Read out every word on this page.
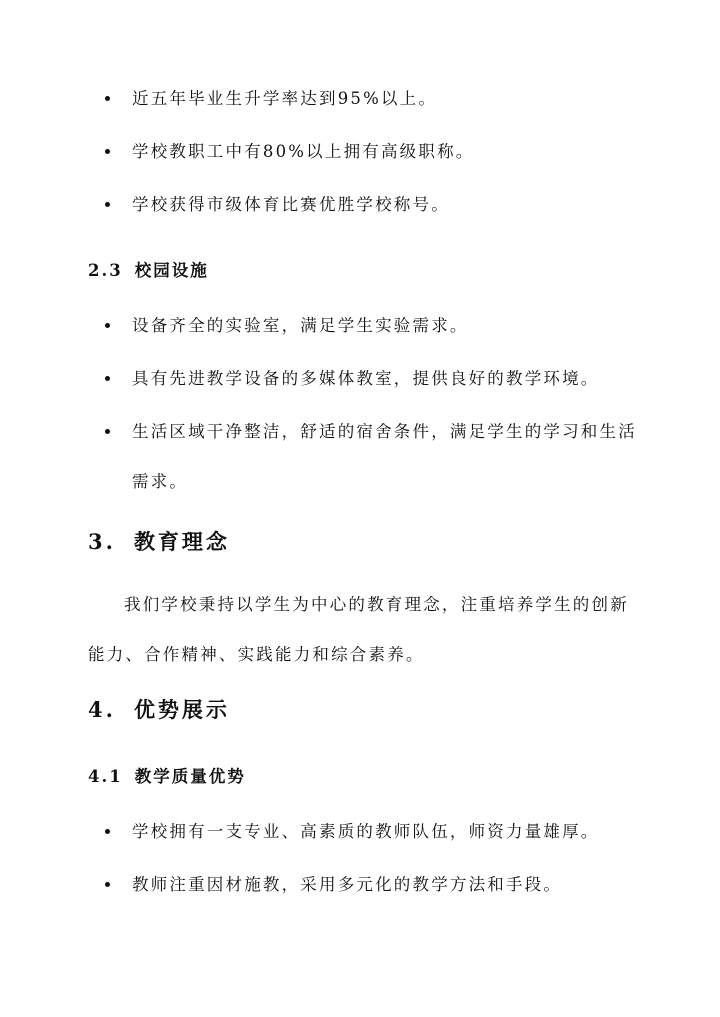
近五年毕业生升学率达到95%以上。
学校教职工中有80%以上拥有高级职称。
学校获得市级体育比赛优胜学校称号。
2.3 校园设施
设备齐全的实验室，满足学生实验需求。
具有先进教学设备的多媒体教室，提供良好的教学环境。
生活区域干净整洁，舒适的宿舍条件，满足学生的学习和生活需求。
3. 教育理念

我们学校秉持以学生为中心的教育理念，注重培养学生的创新能力、合作精神、实践能力和综合素养。

4. 优势展示
4.1 教学质量优势
学校拥有一支专业、高素质的教师队伍，师资力量雄厚。
教师注重因材施教，采用多元化的教学方法和手段。
